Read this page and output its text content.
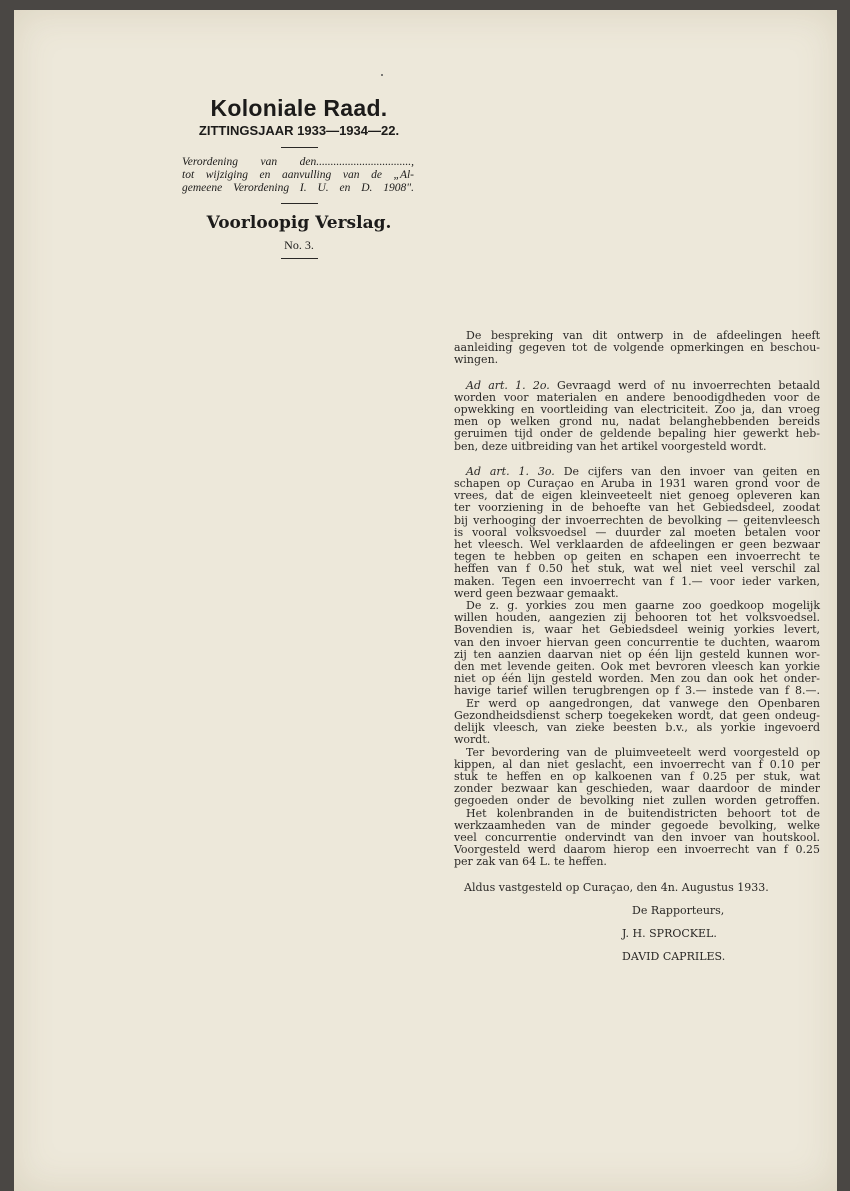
Koloniale Raad.
ZITTINGSJAAR 1933—1934—22.
Verordening van den.................................,
tot wijziging en aanvulling van de „Al-
gemeene Verordening I. U. en D. 1908".
Voorloopig Verslag.
No. 3.
De bespreking van dit ontwerp in de afdeelingen heeft
aanleiding gegeven tot de volgende opmerkingen en beschou-
wingen.
Ad art. 1. 2o. Gevraagd werd of nu invoerrechten betaald
worden voor materialen en andere benoodigdheden voor de
opwekking en voortleiding van electriciteit. Zoo ja, dan vroeg
men op welken grond nu, nadat belanghebbenden bereids
geruimen tijd onder de geldende bepaling hier gewerkt heb-
ben, deze uitbreiding van het artikel voorgesteld wordt.
Ad art. 1. 3o. De cijfers van den invoer van geiten en
schapen op Curaçao en Aruba in 1931 waren grond voor de
vrees, dat de eigen kleinveeteelt niet genoeg opleveren kan
ter voorziening in de behoefte van het Gebiedsdeel, zoodat
bij verhooging der invoerrechten de bevolking — geitenvleesch
is vooral volksvoedsel — duurder zal moeten betalen voor
het vleesch. Wel verklaarden de afdeelingen er geen bezwaar
tegen te hebben op geiten en schapen een invoerrecht te
heffen van f 0.50 het stuk, wat wel niet veel verschil zal
maken. Tegen een invoerrecht van f 1.— voor ieder varken,
werd geen bezwaar gemaakt.
De z. g. yorkies zou men gaarne zoo goedkoop mogelijk
willen houden, aangezien zij behooren tot het volksvoedsel.
Bovendien is, waar het Gebiedsdeel weinig yorkies levert,
van den invoer hiervan geen concurrentie te duchten, waarom
zij ten aanzien daarvan niet op één lijn gesteld kunnen wor-
den met levende geiten. Ook met bevroren vleesch kan yorkie
niet op één lijn gesteld worden. Men zou dan ook het onder-
havige tarief willen terugbrengen op f 3.— instede van f 8.—.
Er werd op aangedrongen, dat vanwege den Openbaren
Gezondheidsdienst scherp toegekeken wordt, dat geen ondeug-
delijk vleesch, van zieke beesten b.v., als yorkie ingevoerd
wordt.
Ter bevordering van de pluimveeteelt werd voorgesteld op
kippen, al dan niet geslacht, een invoerrecht van f 0.10 per
stuk te heffen en op kalkoenen van f 0.25 per stuk, wat
zonder bezwaar kan geschieden, waar daardoor de minder
gegoeden onder de bevolking niet zullen worden getroffen.
Het kolenbranden in de buitendistricten behoort tot de
werkzaamheden van de minder gegoede bevolking, welke
veel concurrentie ondervindt van den invoer van houtskool.
Voorgesteld werd daarom hierop een invoerrecht van f 0.25
per zak van 64 L. te heffen.
Aldus vastgesteld op Curaçao, den 4n. Augustus 1933.
De Rapporteurs,
J. H. SPROCKEL.
DAVID CAPRILES.
